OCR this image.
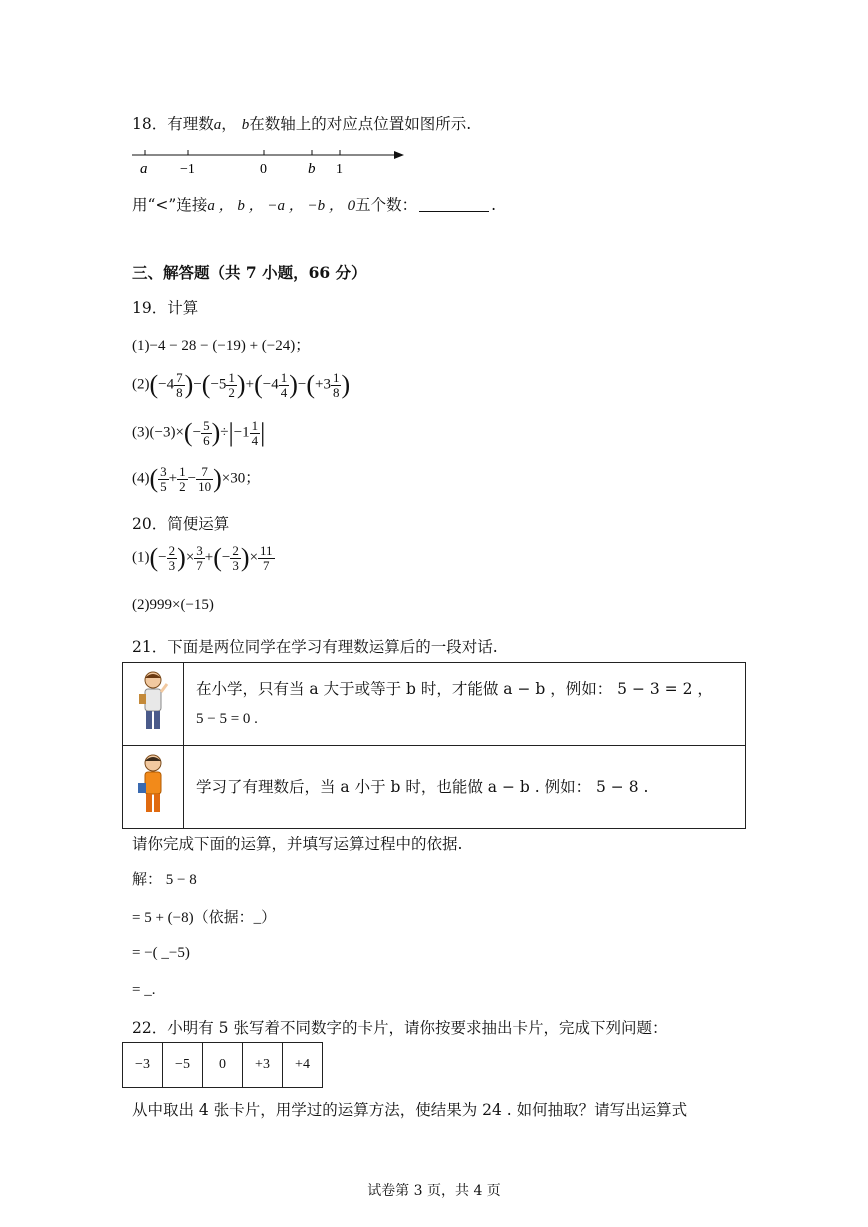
18．有理数a， b在数轴上的对应点位置如图所示.
a −1	0	b 1
用“<”连接a ， b ， −a ， −b ， 0五个数：	.
三、解答题（共 7 小题，66 分）
19．计算
(1)−4 − 28 − (−19) + (−24)；
$(2)(-4 \frac{7}{8} )-(-5 \frac{1}{2} )+(-4 \frac{1}{4} )-(+3 \frac{1}{8}$ )
$(3)(-3)\times(- \frac{5}{6} )\div|-1 \frac{1}{4}$ |
$(4)( \frac{3}{5} + \frac{1}{2} - \frac{7}{10} )\times 30$；
20．简便运算
$(1)(- \frac{2}{3}$ )× $\frac{3}{7}$ +(− $\frac{2}{3}$ )× $\frac{11}{7}$
(2)999×(−15)
21．下面是两位同学在学习有理数运算后的一段对话.

在小学，只有当 a 大于或等于 b 时，才能做 a − b ，例如： 5 − 3 = 2 ，
5 − 5 = 0 .

	学习了有理数后，当 a 小于 b 时，也能做 a − b . 例如： 5 − 8 .
请你完成下面的运算，并填写运算过程中的依据.
解： 5 − 8
= 5 + (−8)（依据：_）
= −( _−5)
= _.
22．小明有 5 张写着不同数字的卡片，请你按要求抽出卡片，完成下列问题：
−3	−5	0	+3	+4
从中取出 4 张卡片，用学过的运算方法，使结果为 24 . 如何抽取？请写出运算式
试卷第 3 页，共 4 页
